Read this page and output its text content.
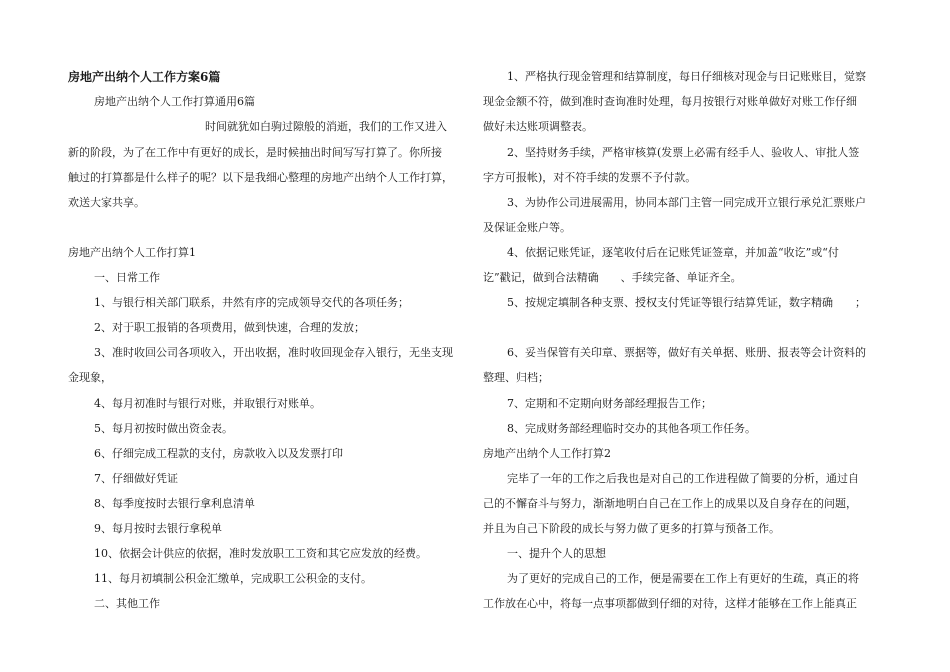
房地产出纳个人工作方案6篇
房地产出纳个人工作打算通用6篇
时间就犹如白驹过隙般的消逝，我们的工作又进入
新的阶段，为了在工作中有更好的成长，是时候抽出时间写写打算了。你所接
触过的打算都是什么样子的呢？以下是我细心整理的房地产出纳个人工作打算，
欢送大家共享。
房地产出纳个人工作打算1
一、日常工作
1、与银行相关部门联系，井然有序的完成领导交代的各项任务；
2、对于职工报销的各项费用，做到快速，合理的发放；
3、准时收回公司各项收入，开出收据，准时收回现金存入银行，无坐支现
金现象，
4、每月初准时与银行对账，并取银行对账单。
5、每月初按时做出资金表。
6、仔细完成工程款的支付，房款收入以及发票打印
7、仔细做好凭证
8、每季度按时去银行拿利息清单
9、每月按时去银行拿税单
10、依据会计供应的依据，准时发放职工工资和其它应发放的经费。
11、每月初填制公积金汇缴单，完成职工公积金的支付。
二、其他工作
1、严格执行现金管理和结算制度，每日仔细核对现金与日记账账目，觉察
现金金额不符，做到准时查询准时处理，每月按银行对账单做好对账工作仔细
做好未达账项调整表。
2、坚持财务手续，严格审核算(发票上必需有经手人、验收人、审批人签
字方可报帐)，对不符手续的发票不予付款。
3、为协作公司进展需用，协同本部门主管一同完成开立银行承兑汇票账户
及保证金账户等。
4、依据记账凭证，逐笔收付后在记账凭证签章，并加盖“收讫”或“付
讫”戳记，做到合法精确　　、手续完备、单证齐全。
5、按规定填制各种支票、授权支付凭证等银行结算凭证，数字精确　　；
6、妥当保管有关印章、票据等，做好有关单据、账册、报表等会计资料的
整理、归档；
7、定期和不定期向财务部经理报告工作；
8、完成财务部经理临时交办的其他各项工作任务。
房地产出纳个人工作打算2
完毕了一年的工作之后我也是对自己的工作进程做了简要的分析，通过自
己的不懈奋斗与努力，渐渐地明白自己在工作上的成果以及自身存在的问题，
并且为自己下阶段的成长与努力做了更多的打算与预备工作。
一、提升个人的思想
为了更好的完成自己的工作，便是需要在工作上有更好的生疏，真正的将
工作放在心中，将每一点事项都做到仔细的对待，这样才能够在工作上能真正
